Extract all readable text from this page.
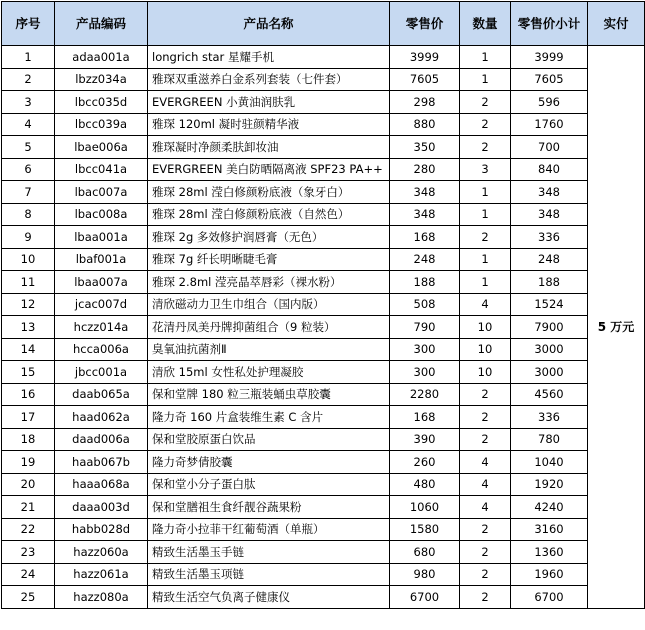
序号	产品编码	产品名称	零售价	数量	零售价小计	实付
1	adaa001a	longrich star 星耀手机	3999	1	3999	5 万元
2	lbzz034a	雅琛双重滋养白金系列套装（七件套）	7605	1	7605	
3	lbcc035d	EVERGREEN 小黄油润肤乳	298	2	596	
4	lbcc039a	雅琛 120ml 凝时驻颜精华液	880	2	1760	
5	lbae006a	雅琛凝时净颜柔肤卸妆油	350	2	700	
6	lbcc041a	EVERGREEN 美白防晒隔离液 SPF23 PA++	280	3	840	
7	lbac007a	雅琛 28ml 滢白修颜粉底液（象牙白）	348	1	348	
8	lbac008a	雅琛 28ml 滢白修颜粉底液（自然色）	348	1	348	
9	lbaa001a	雅琛 2g 多效修护润唇膏（无色）	168	2	336	
10	lbaf001a	雅琛 7g 纤长明晰睫毛膏	248	1	248	
11	lbaa007a	雅琛 2.8ml 滢亮晶萃唇彩（裸水粉）	188	1	188	
12	jcac007d	清欣磁动力卫生巾组合（国内版）	508	4	1524	
13	hczz014a	花清丹凤美丹牌抑菌组合（9 粒装）	790	10	7900	
14	hcca006a	臭氧油抗菌剂Ⅱ	300	10	3000	
15	jbcc001a	清欣 15ml 女性私处护理凝胶	300	10	3000	
16	daab065a	保和堂牌 180 粒三瓶装蛹虫草胶囊	2280	2	4560	
17	haad062a	隆力奇 160 片盒装维生素 C 含片	168	2	336	
18	daad006a	保和堂胶原蛋白饮品	390	2	780	
19	haab067b	隆力奇梦倩胶囊	260	4	1040	
20	haaa068a	保和堂小分子蛋白肽	480	4	1920	
21	daaa003d	保和堂膳祖生食纤靓谷蔬果粉	1060	4	4240	
22	habb028d	隆力奇小拉菲干红葡萄酒（单瓶）	1580	2	3160	
23	hazz060a	精致生活墨玉手链	680	2	1360	
24	hazz061a	精致生活墨玉项链	980	2	1960	
25	hazz080a	精致生活空气负离子健康仪	6700	2	6700	
